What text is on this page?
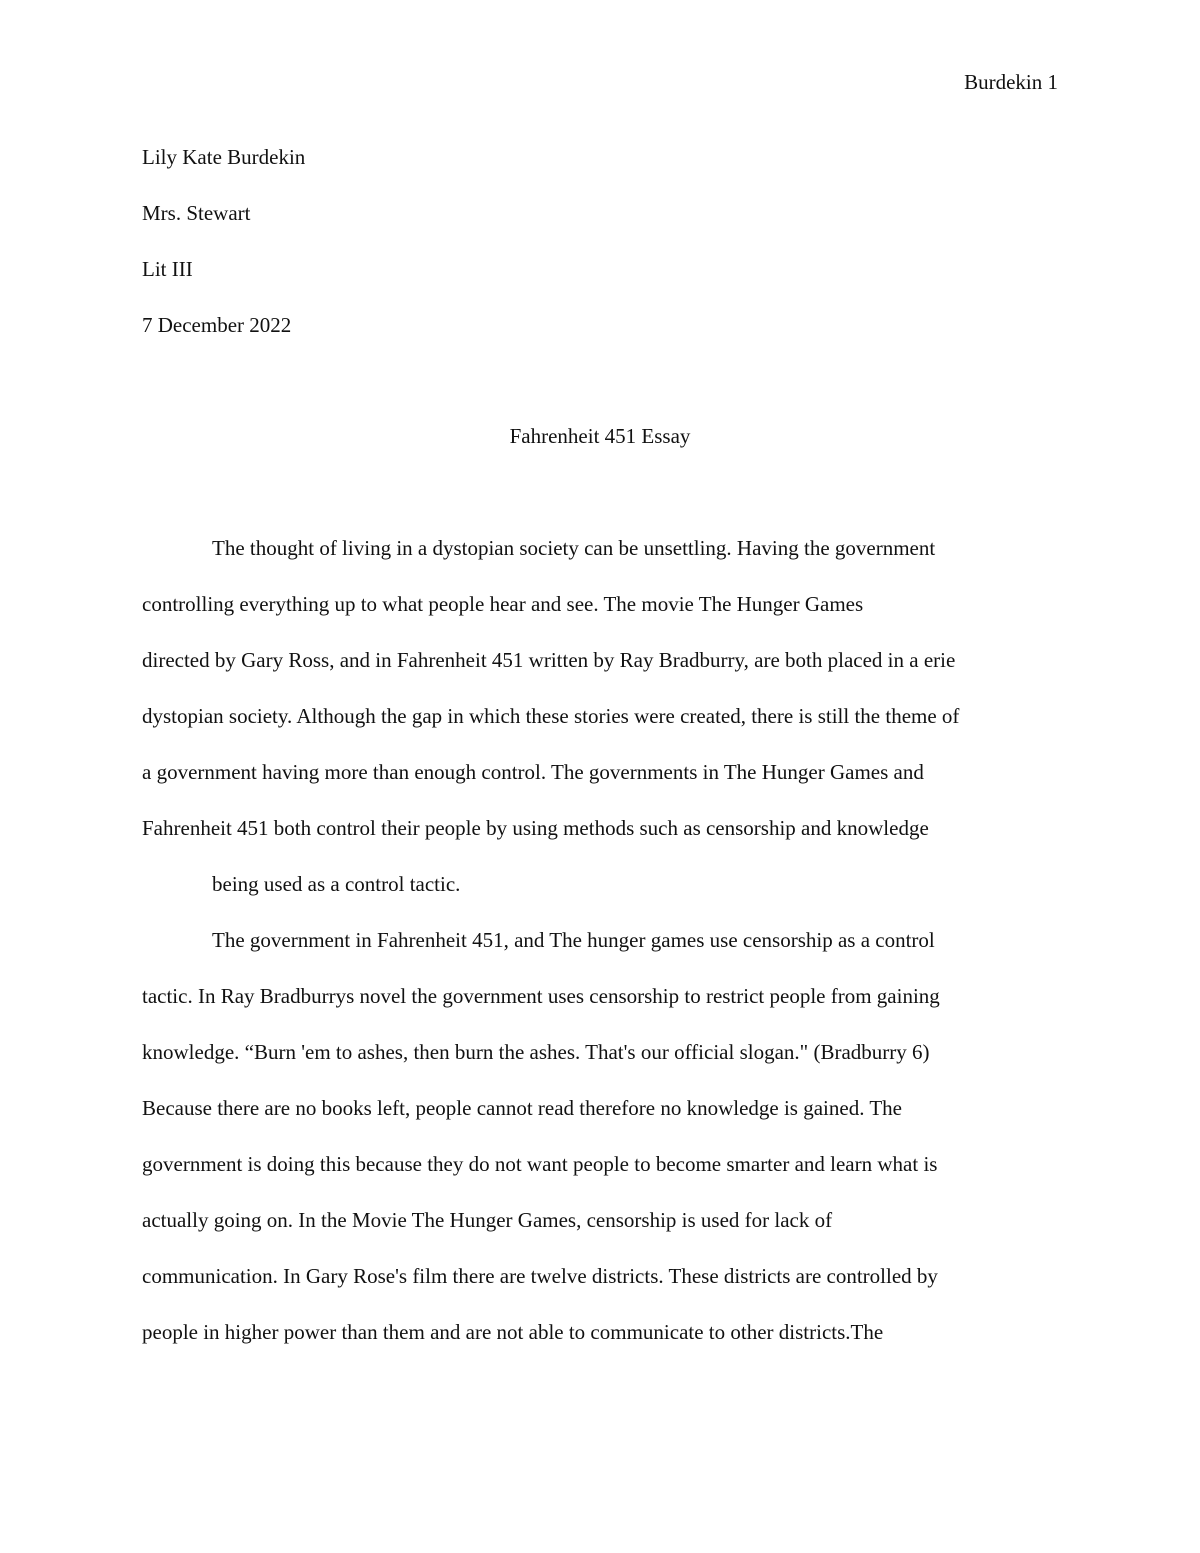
Burdekin 1
Lily Kate Burdekin
Mrs. Stewart
Lit III
7 December 2022
Fahrenheit 451 Essay
The thought of living in a dystopian society can be unsettling. Having the government
controlling everything up to what people hear and see. The movie The Hunger Games
directed by Gary Ross, and in Fahrenheit 451 written by Ray Bradburry, are both placed in a erie
dystopian society. Although the gap in which these stories were created, there is still the theme of
a government having more than enough control. The governments in The Hunger Games and
Fahrenheit 451 both control their people by using methods such as censorship and knowledge
being used as a control tactic.
The government in Fahrenheit 451, and The hunger games use censorship as a control
tactic. In Ray Bradburrys novel the government uses censorship to restrict people from gaining
knowledge. “Burn 'em to ashes, then burn the ashes. That's our official slogan." (Bradburry 6)
Because there are no books left, people cannot read therefore no knowledge is gained. The
government is doing this because they do not want people to become smarter and learn what is
actually going on. In the Movie The Hunger Games, censorship is used for lack of
communication. In Gary Rose's film there are twelve districts. These districts are controlled by
people in higher power than them and are not able to communicate to other districts.The
